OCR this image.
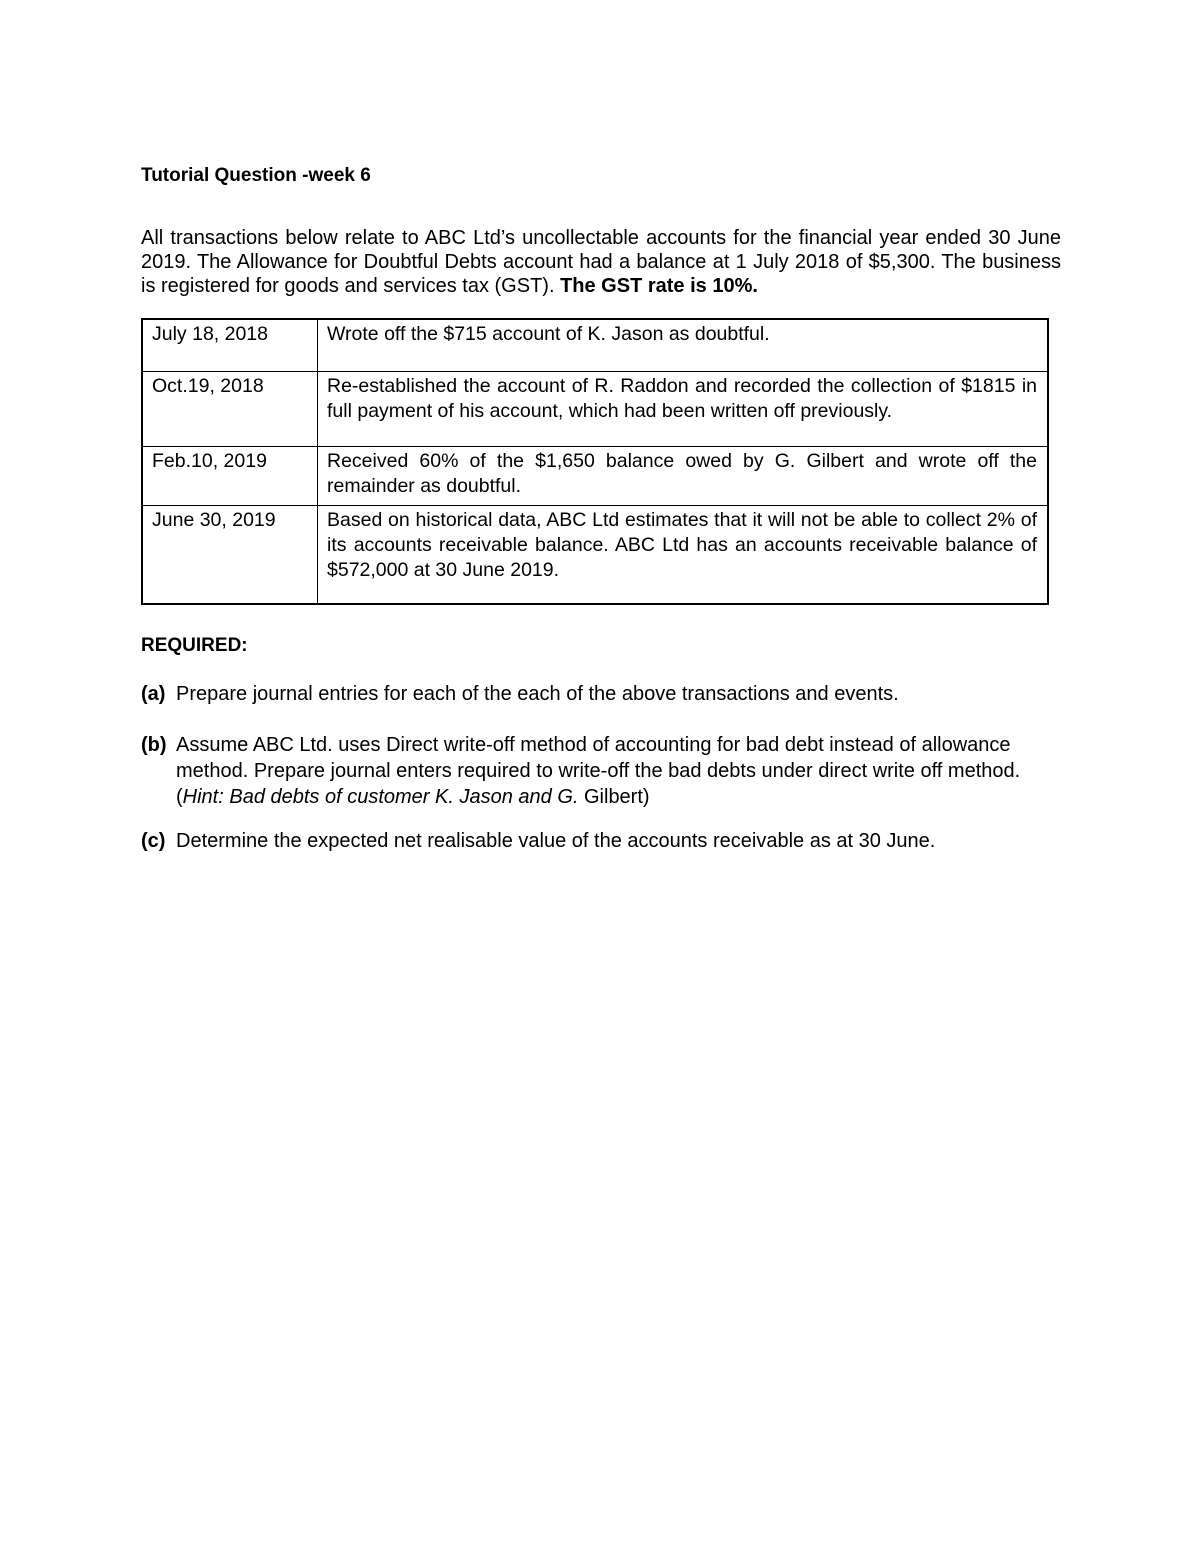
Tutorial Question -week 6

All transactions below relate to ABC Ltd’s uncollectable accounts for the financial year ended 30 June 2019. The Allowance for Doubtful Debts account had a balance at 1 July 2018 of $5,300. The business is registered for goods and services tax (GST). The GST rate is 10%.

July 18, 2018	Wrote off the $715 account of K. Jason as doubtful.
Oct.19, 2018	Re-established the account of R. Raddon and recorded the collection of $1815 in full payment of his account, which had been written off previously.
Feb.10, 2019	Received 60% of the $1,650 balance owed by G. Gilbert and wrote off the remainder as doubtful.
June 30, 2019	Based on historical data, ABC Ltd estimates that it will not be able to collect 2% of its accounts receivable balance. ABC Ltd has an accounts receivable balance of $572,000 at 30 June 2019.
REQUIRED:
(a) Prepare journal entries for each of the each of the above transactions and events.
(b) Assume ABC Ltd. uses Direct write-off method of accounting for bad debt instead of allowance method. Prepare journal enters required to write-off the bad debts under direct write off method. (Hint: Bad debts of customer K. Jason and G. Gilbert)
(c) Determine the expected net realisable value of the accounts receivable as at 30 June.
